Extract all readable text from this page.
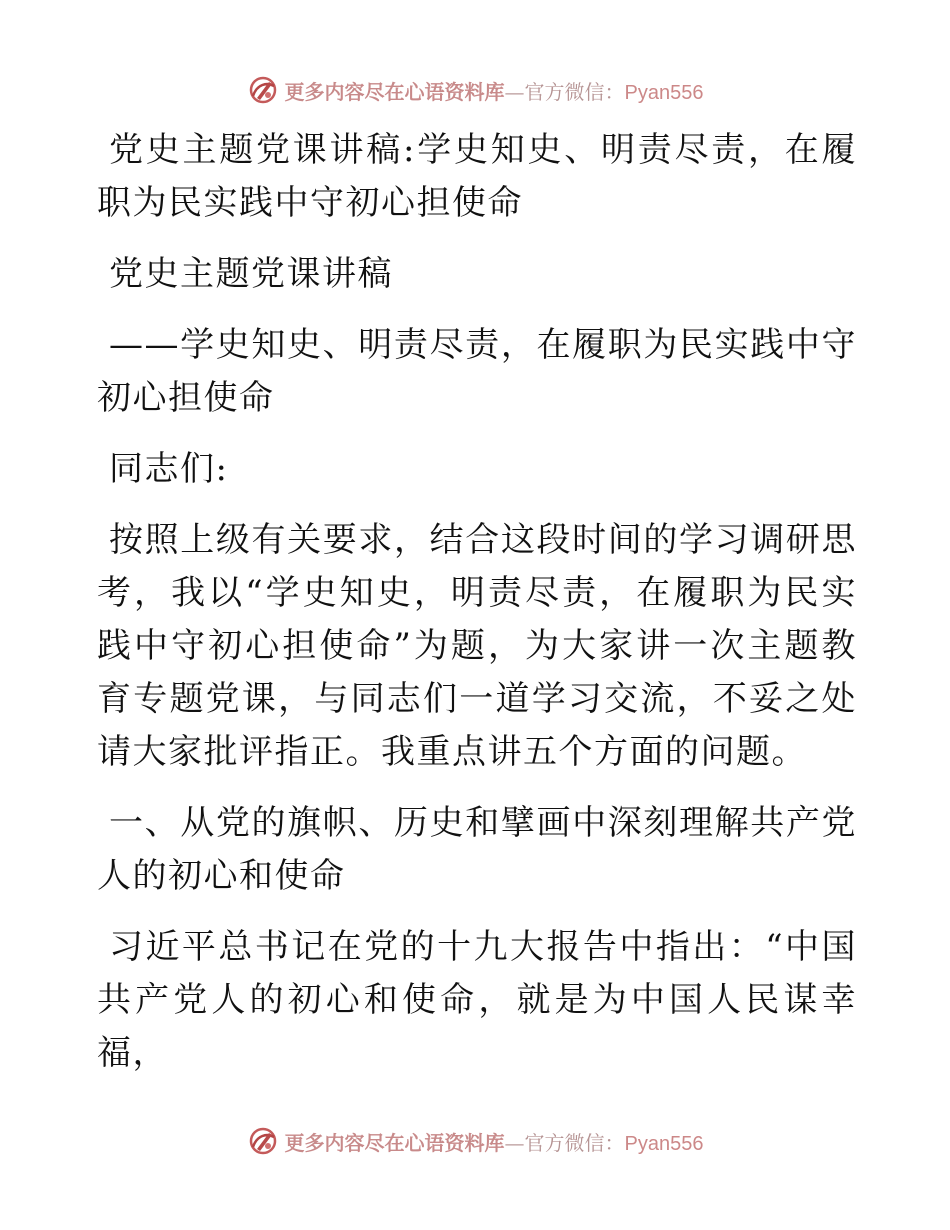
更多内容尽在心语资料库—官方微信：Pyan556

党史主题党课讲稿:学史知史、明责尽责，在履职为民实践中守初心担使命

党史主题党课讲稿

——学史知史、明责尽责，在履职为民实践中守初心担使命

同志们:

按照上级有关要求，结合这段时间的学习调研思考，我以“学史知史，明责尽责，在履职为民实践中守初心担使命”为题，为大家讲一次主题教育专题党课，与同志们一道学习交流，不妥之处请大家批评指正。我重点讲五个方面的问题。

一、从党的旗帜、历史和擘画中深刻理解共产党人的初心和使命

习近平总书记在党的十九大报告中指出：“中国共产党人的初心和使命，就是为中国人民谋幸福，

更多内容尽在心语资料库—官方微信：Pyan556
